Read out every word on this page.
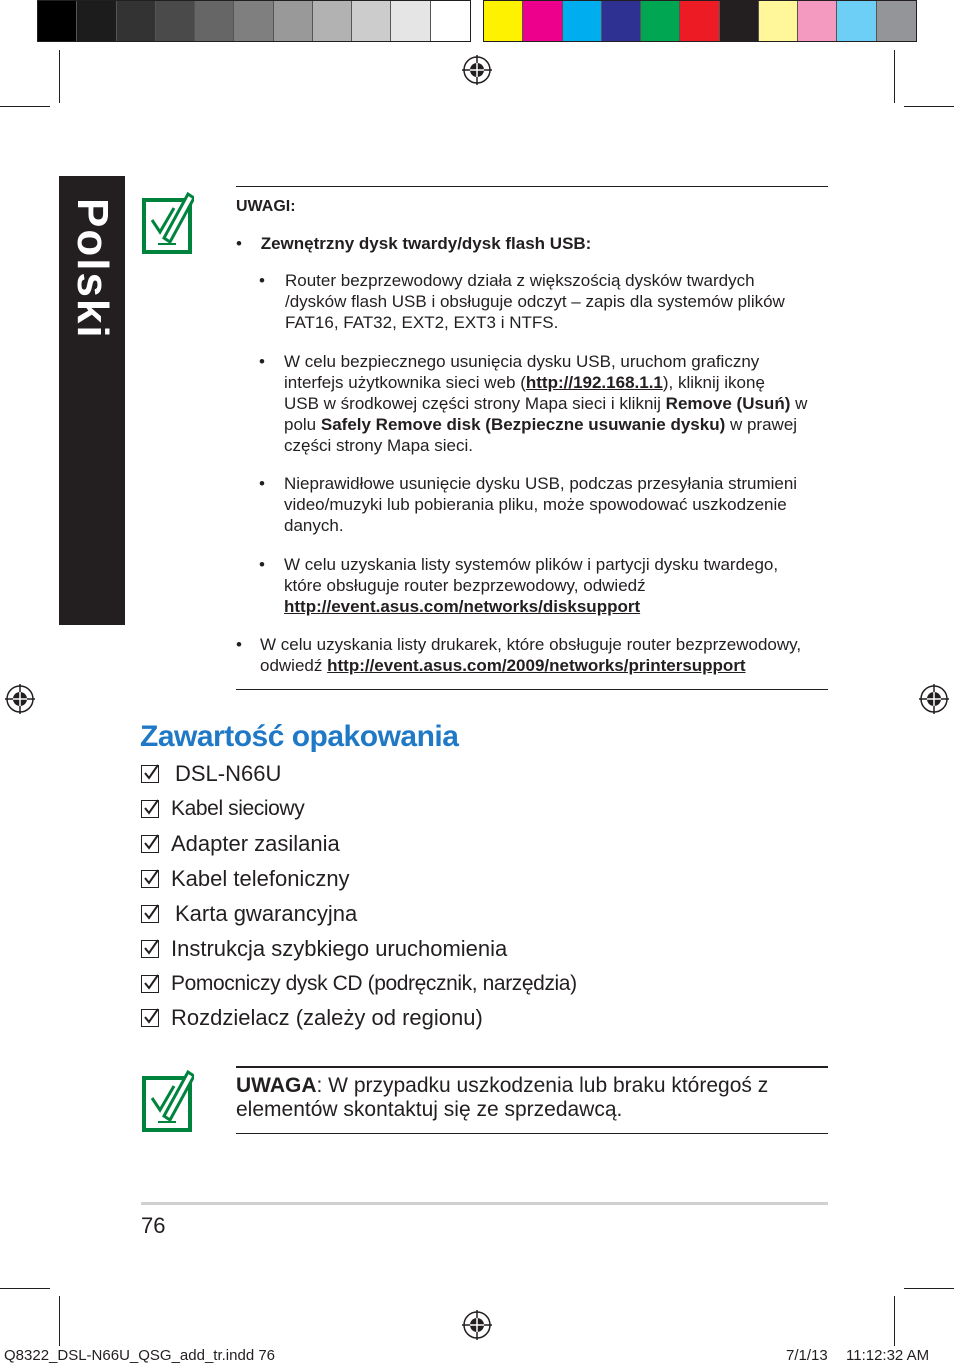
Polski	UWAGI:
• Zewnętrzny dysk twardy/dysk flash USB:
• Router bezprzewodowy działa z większością dysków twardych
/dysków flash USB i obsługuje odczyt – zapis dla systemów plików
FAT16, FAT32, EXT2, EXT3 i NTFS.
• W celu bezpiecznego usunięcia dysku USB, uruchom graficzny
interfejs użytkownika sieci web (http://192.168.1.1), kliknij ikonę
USB w środkowej części strony Mapa sieci i kliknij Remove (Usuń) w
polu Safely Remove disk (Bezpieczne usuwanie dysku) w prawej
części strony Mapa sieci.
• Nieprawidłowe usunięcie dysku USB, podczas przesyłania strumieni
video/muzyki lub pobierania pliku, może spowodować uszkodzenie
danych.
• W celu uzyskania listy systemów plików i partycji dysku twardego,
które obsługuje router bezprzewodowy, odwiedź
http://event.asus.com/networks/disksupport
• W celu uzyskania listy drukarek, które obsługuje router bezprzewodowy,
odwiedź http://event.asus.com/2009/networks/printersupport
Zawartość opakowania
DSL-N66U
Kabel sieciowy
Adapter zasilania
Kabel telefoniczny
Karta gwarancyjna
Instrukcja szybkiego uruchomienia
Pomocniczy dysk CD (podręcznik, narzędzia)
Rozdzielacz (zależy od regionu)
UWAGA: W przypadku uszkodzenia lub braku któregoś z
elementów skontaktuj się ze sprzedawcą.
76
Q8322_DSL-N66U_QSG_add_tr.indd 76	7/1/13 11:12:32 AM
